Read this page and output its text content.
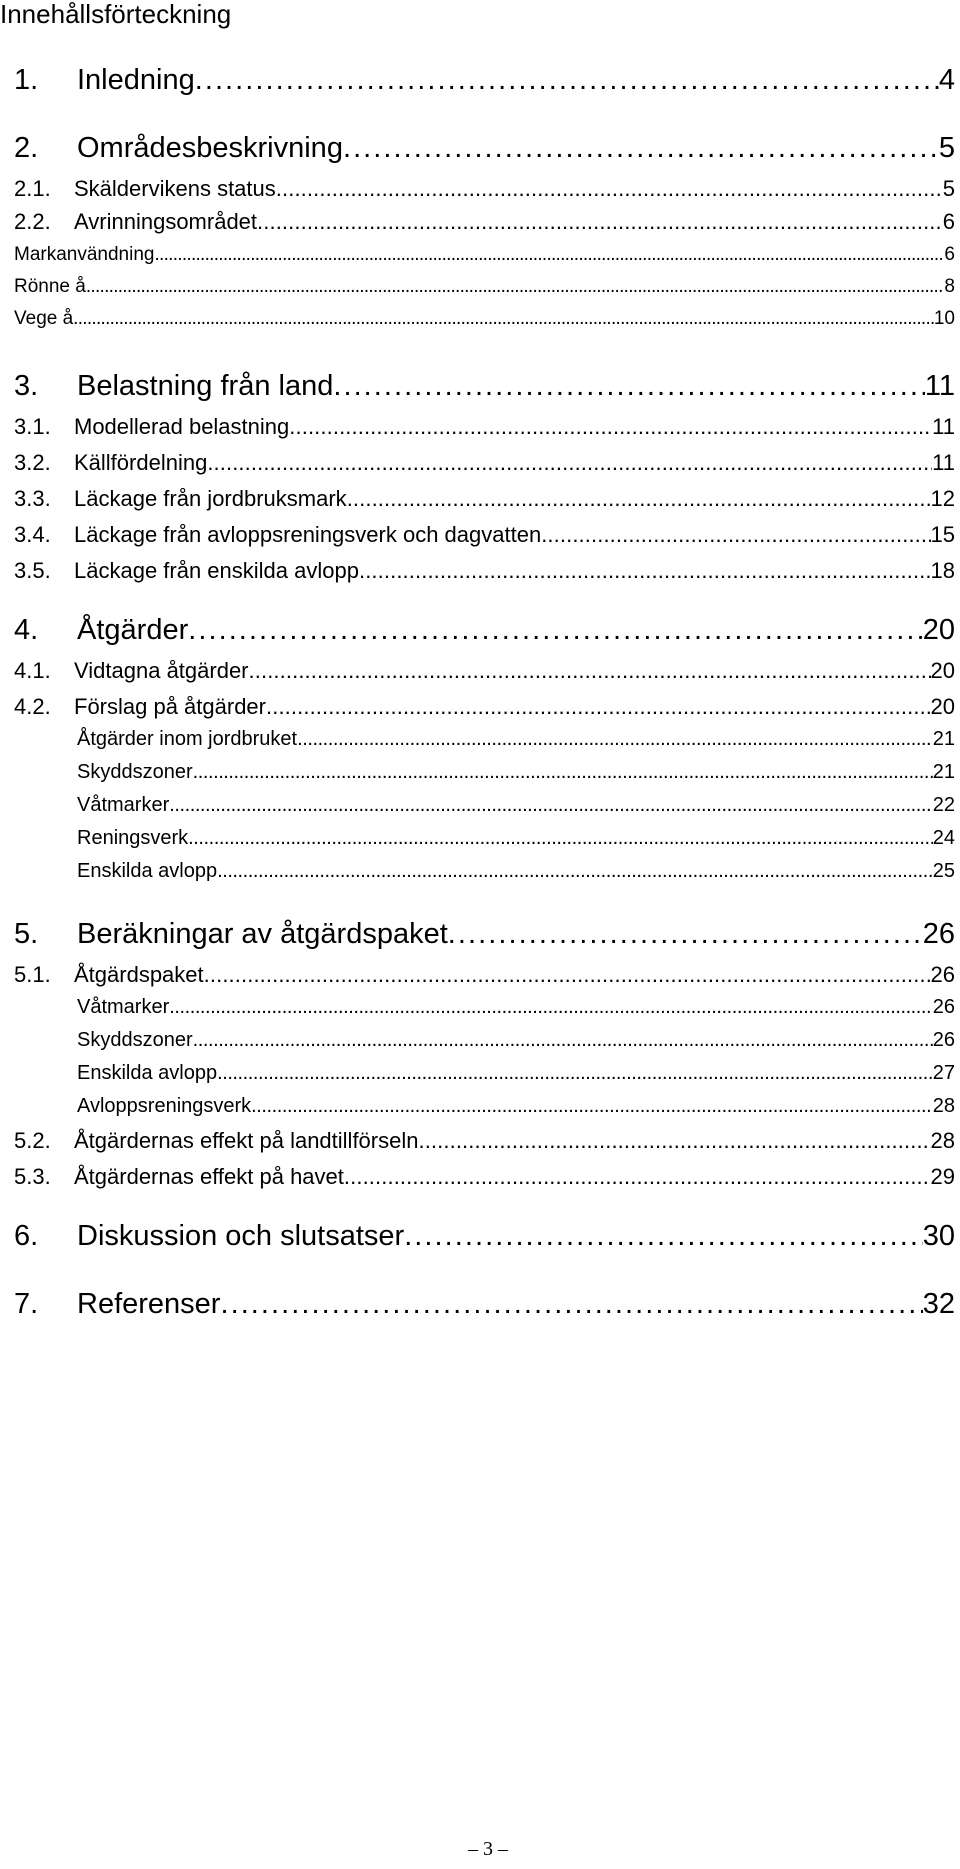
Innehållsförteckning
1.	Inledning . . .	4
2.	Områdesbeskrivning . . .	5
2.1.	Skäldervikens status . . .	5
2.2.	Avrinningsområdet . . .	6
Markanvändning . . .	6
Rönne å . . .	8
Vege å . . .	10
3.	Belastning från land . . .	11
3.1.	Modellerad belastning . . .	11
3.2.	Källfördelning . . .	11
3.3.	Läckage från jordbruksmark . . .	12
3.4.	Läckage från avloppsreningsverk och dagvatten . . .	15
3.5.	Läckage från enskilda avlopp . . .	18
4.	Åtgärder . . .	20
4.1.	Vidtagna åtgärder . . .	20
4.2.	Förslag på åtgärder . . .	20
Åtgärder inom jordbruket . . .	21
Skyddszoner . . .	21
Våtmarker . . .	22
Reningsverk . . .	24
Enskilda avlopp . . .	25
5.	Beräkningar av åtgärdspaket . . .	26
5.1.	Åtgärdspaket . . .	26
Våtmarker . . .	26
Skyddszoner . . .	26
Enskilda avlopp . . .	27
Avloppsreningsverk . . .	28
5.2.	Åtgärdernas effekt på landtillförseln . . .	28
5.3.	Åtgärdernas effekt på havet . . .	29
6.	Diskussion och slutsatser . . .	30
7.	Referenser . . .	32
– 3 –
